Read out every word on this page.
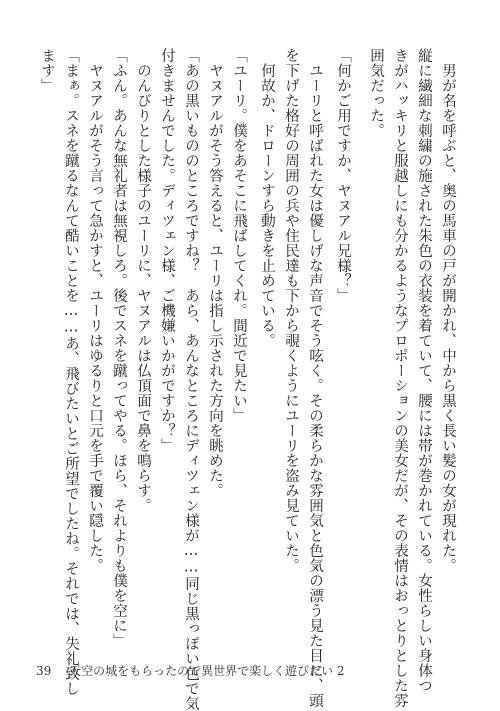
　男が名を呼ぶと、奥の馬車の戸が開かれ、中から黒く長い髪の女が現れた。
縦に繊細な刺繍の施された朱色の衣装を着ていて、腰には帯が巻かれている。女性らしい身体つ
きがハッキリと服越しにも分かるようなプロポーションの美女だが、その表情はおっとりとした雰
囲気だった。
「何かご用ですか、ヤヌアル兄様？」
　ユーリと呼ばれた女は優しげな声音でそう呟く。その柔らかな雰囲気と色気の漂う見た目に、頭
を下げた格好の周囲の兵や住民達も下から覗くようにユーリを盗み見ていた。
　何故か、ドローンすら動きを止めている。
「ユーリ。僕をあそこに飛ばしてくれ。間近で見たい」
　ヤヌアルがそう答えると、ユーリは指し示された方向を眺めた。
「あの黒いもののところですね？　あら、あんなところにディツェン様が……同じ黒っぽい色で気
付きませんでした。ディツェン様、ご機嫌いかがですか？」
　のんびりとした様子のユーリに、ヤヌアルは仏頂面で鼻を鳴らす。
「ふん。あんな無礼者は無視しろ。後でスネを蹴ってやる。ほら、それよりも僕を空に」
　ヤヌアルがそう言って急かすと、ユーリはゆるりと口元を手で覆い隠した。
「まぁ。スネを蹴るなんて酷いことを……あ、飛びたいとご所望でしたね。それでは、失礼致し
ます」
39 天空の城をもらったので異世界で楽しく遊びたい 2
